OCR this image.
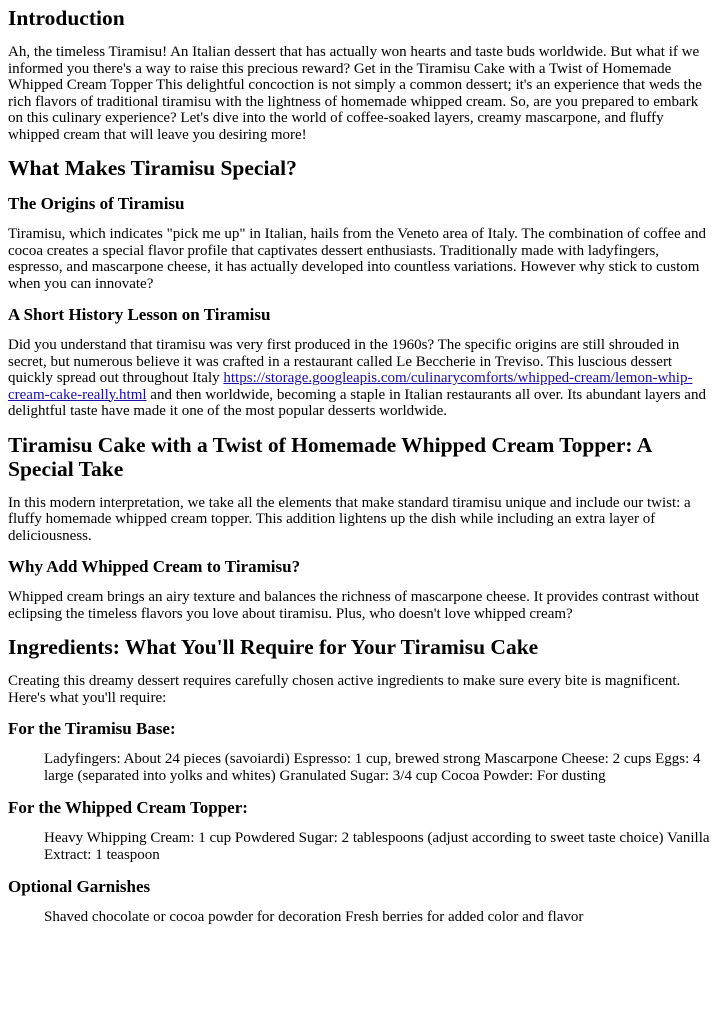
Introduction

Ah, the timeless Tiramisu! An Italian dessert that has actually won hearts and taste buds worldwide. But what if we informed you there's a way to raise this precious reward? Get in the Tiramisu Cake with a Twist of Homemade Whipped Cream Topper This delightful concoction is not simply a common dessert; it's an experience that weds the rich flavors of traditional tiramisu with the lightness of homemade whipped cream. So, are you prepared to embark on this culinary experience? Let's dive into the world of coffee-soaked layers, creamy mascarpone, and fluffy whipped cream that will leave you desiring more!

What Makes Tiramisu Special?
The Origins of Tiramisu

Tiramisu, which indicates "pick me up" in Italian, hails from the Veneto area of Italy. The combination of coffee and cocoa creates a special flavor profile that captivates dessert enthusiasts. Traditionally made with ladyfingers, espresso, and mascarpone cheese, it has actually developed into countless variations. However why stick to custom when you can innovate?

A Short History Lesson on Tiramisu

Did you understand that tiramisu was very first produced in the 1960s? The specific origins are still shrouded in secret, but numerous believe it was crafted in a restaurant called Le Beccherie in Treviso. This luscious dessert quickly spread out throughout Italy https://storage.googleapis.com/culinarycomforts/whipped-cream/lemon-whip-cream-cake-really.html and then worldwide, becoming a staple in Italian restaurants all over. Its abundant layers and delightful taste have made it one of the most popular desserts worldwide.

Tiramisu Cake with a Twist of Homemade Whipped Cream Topper: A Special Take

In this modern interpretation, we take all the elements that make standard tiramisu unique and include our twist: a fluffy homemade whipped cream topper. This addition lightens up the dish while including an extra layer of deliciousness.

Why Add Whipped Cream to Tiramisu?

Whipped cream brings an airy texture and balances the richness of mascarpone cheese. It provides contrast without eclipsing the timeless flavors you love about tiramisu. Plus, who doesn't love whipped cream?

Ingredients: What You'll Require for Your Tiramisu Cake

Creating this dreamy dessert requires carefully chosen active ingredients to make sure every bite is magnificent. Here's what you'll require:

For the Tiramisu Base:
Ladyfingers: About 24 pieces (savoiardi) Espresso: 1 cup, brewed strong Mascarpone Cheese: 2 cups Eggs: 4 large (separated into yolks and whites) Granulated Sugar: 3/4 cup Cocoa Powder: For dusting
For the Whipped Cream Topper:
Heavy Whipping Cream: 1 cup Powdered Sugar: 2 tablespoons (adjust according to sweet taste choice) Vanilla Extract: 1 teaspoon
Optional Garnishes
Shaved chocolate or cocoa powder for decoration Fresh berries for added color and flavor
